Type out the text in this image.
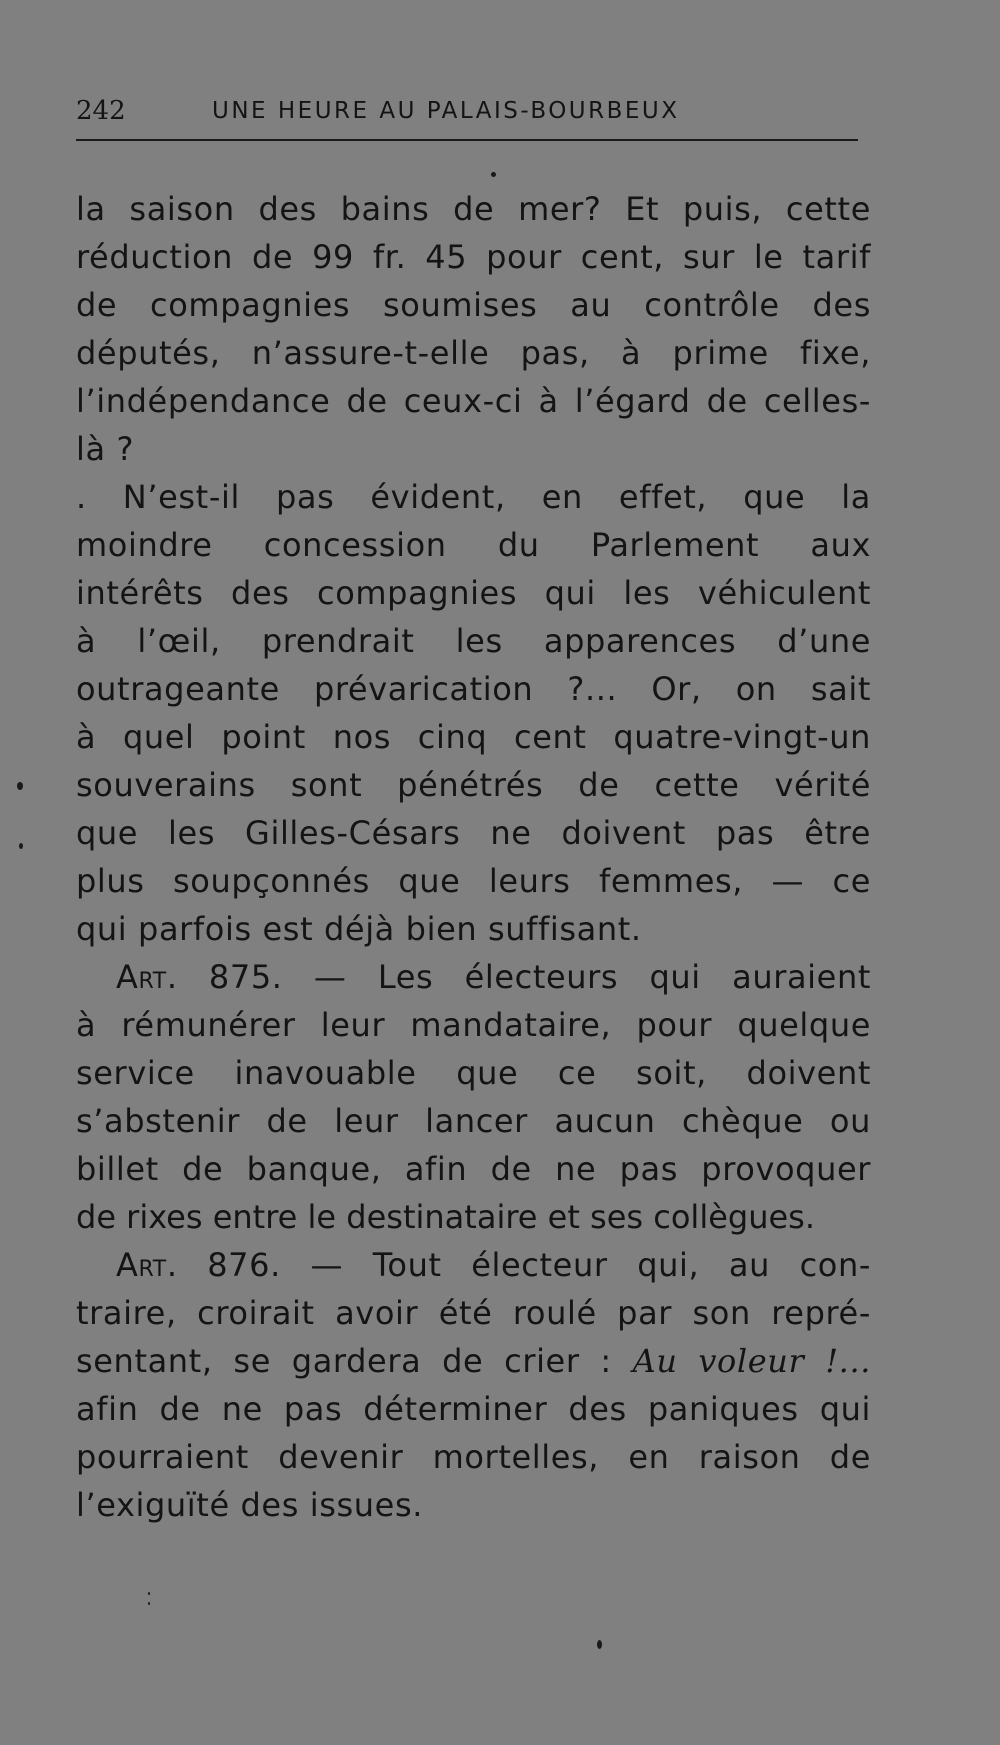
242	UNE HEURE AU PALAIS-BOURBEUX
la saison des bains de mer? Et puis, cette
réduction de 99 fr. 45 pour cent, sur le tarif
de compagnies soumises au contrôle des
députés, n’assure-t-elle pas, à prime fixe,
l’indépendance de ceux-ci à l’égard de celles-
là ?
. N’est-il pas évident, en effet, que la
moindre concession du Parlement aux
intérêts des compagnies qui les véhiculent
à l’œil, prendrait les apparences d’une
outrageante prévarication ?... Or, on sait
à quel point nos cinq cent quatre-vingt-un
souverains sont pénétrés de cette vérité
que les Gilles-Césars ne doivent pas être
plus soupçonnés que leurs femmes, — ce
qui parfois est déjà bien suffisant.
Art. 875. — Les électeurs qui auraient
à rémunérer leur mandataire, pour quelque
service inavouable que ce soit, doivent
s’abstenir de leur lancer aucun chèque ou
billet de banque, afin de ne pas provoquer
de rixes entre le destinataire et ses collègues.
Art. 876. — Tout électeur qui, au con-
traire, croirait avoir été roulé par son repré-
sentant, se gardera de crier : Au voleur !...
afin de ne pas déterminer des paniques qui
pourraient devenir mortelles, en raison de
l’exiguïté des issues.
